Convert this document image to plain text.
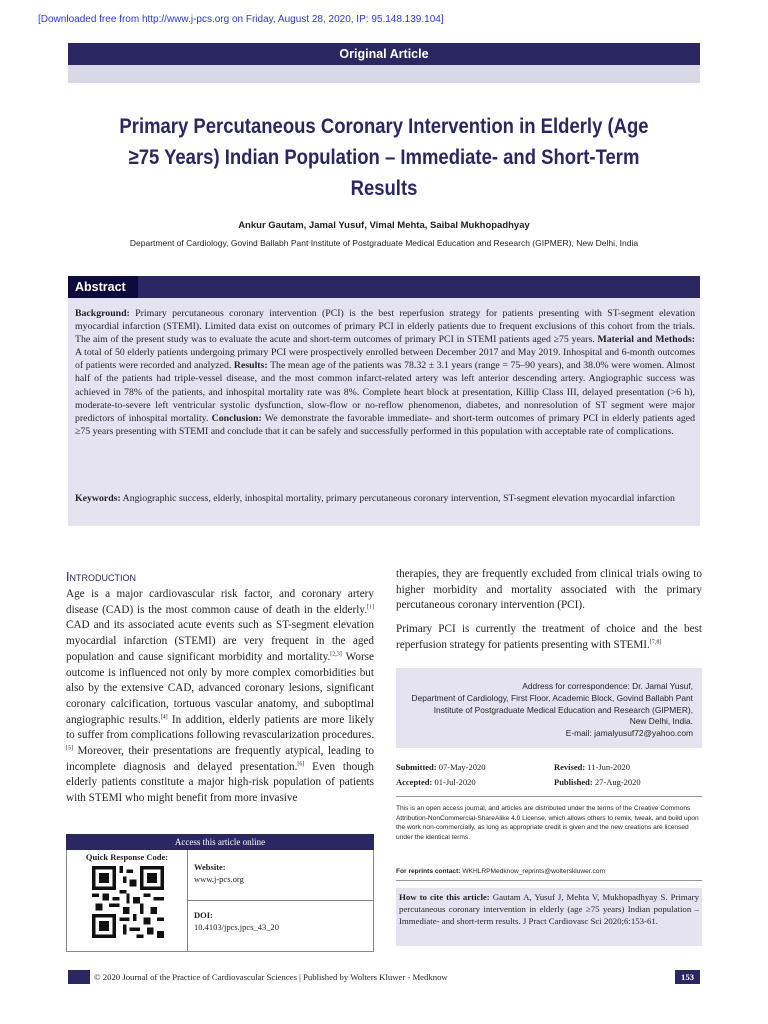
[Downloaded free from http://www.j-pcs.org on Friday, August 28, 2020, IP: 95.148.139.104]
Original Article
Primary Percutaneous Coronary Intervention in Elderly (Age ≥75 Years) Indian Population – Immediate- and Short-Term Results
Ankur Gautam, Jamal Yusuf, Vimal Mehta, Saibal Mukhopadhyay
Department of Cardiology, Govind Ballabh Pant Institute of Postgraduate Medical Education and Research (GIPMER), New Delhi, India
Abstract
Background: Primary percutaneous coronary intervention (PCI) is the best reperfusion strategy for patients presenting with ST-segment elevation myocardial infarction (STEMI). Limited data exist on outcomes of primary PCI in elderly patients due to frequent exclusions of this cohort from the trials. The aim of the present study was to evaluate the acute and short-term outcomes of primary PCI in STEMI patients aged ≥75 years. Material and Methods: A total of 50 elderly patients undergoing primary PCI were prospectively enrolled between December 2017 and May 2019. Inhospital and 6-month outcomes of patients were recorded and analyzed. Results: The mean age of the patients was 78.32 ± 3.1 years (range = 75–90 years), and 38.0% were women. Almost half of the patients had triple-vessel disease, and the most common infarct-related artery was left anterior descending artery. Angiographic success was achieved in 78% of the patients, and inhospital mortality rate was 8%. Complete heart block at presentation, Killip Class III, delayed presentation (>6 h), moderate-to-severe left ventricular systolic dysfunction, slow-flow or no-reflow phenomenon, diabetes, and nonresolution of ST segment were major predictors of inhospital mortality. Conclusion: We demonstrate the favorable immediate- and short-term outcomes of primary PCI in elderly patients aged ≥75 years presenting with STEMI and conclude that it can be safely and successfully performed in this population with acceptable rate of complications.
Keywords: Angiographic success, elderly, inhospital mortality, primary percutaneous coronary intervention, ST-segment elevation myocardial infarction
Introduction
Age is a major cardiovascular risk factor, and coronary artery disease (CAD) is the most common cause of death in the elderly.[1] CAD and its associated acute events such as ST-segment elevation myocardial infarction (STEMI) are very frequent in the aged population and cause significant morbidity and mortality.[2,3] Worse outcome is influenced not only by more complex comorbidities but also by the extensive CAD, advanced coronary lesions, significant coronary calcification, tortuous vascular anatomy, and suboptimal angiographic results.[4] In addition, elderly patients are more likely to suffer from complications following revascularization procedures.[5] Moreover, their presentations are frequently atypical, leading to incomplete diagnosis and delayed presentation.[6] Even though elderly patients constitute a major high-risk population of patients with STEMI who might benefit from more invasive

therapies, they are frequently excluded from clinical trials owing to higher morbidity and mortality associated with the primary percutaneous coronary intervention (PCI).

Primary PCI is currently the treatment of choice and the best reperfusion strategy for patients presenting with STEMI.[7,8]

Access this article online
Quick Response Code:
Website:
www.j-pcs.org
DOI:
10.4103/jpcs.jpcs_43_20
Address for correspondence: Dr. Jamal Yusuf,
Department of Cardiology, First Floor, Academic Block, Govind Ballabh Pant
Institute of Postgraduate Medical Education and Research (GIPMER),
New Delhi, India.
E-mail: jamalyusuf72@yahoo.com
Submitted: 07-May-2020	Revised: 11-Jun-2020
Accepted: 01-Jul-2020	Published: 27-Aug-2020
This is an open access journal, and articles are distributed under the terms of the Creative Commons Attribution-NonCommercial-ShareAlike 4.0 License, which allows others to remix, tweak, and build upon the work non-commercially, as long as appropriate credit is given and the new creations are licensed under the identical terms.
For reprints contact: WKHLRPMedknow_reprints@wolterskluwer.com
How to cite this article: Gautam A, Yusuf J, Mehta V, Mukhopadhyay S. Primary percutaneous coronary intervention in elderly (age ≥75 years) Indian population – Immediate- and short-term results. J Pract Cardiovasc Sci 2020;6:153-61.
© 2020 Journal of the Practice of Cardiovascular Sciences | Published by Wolters Kluwer - Medknow	153
